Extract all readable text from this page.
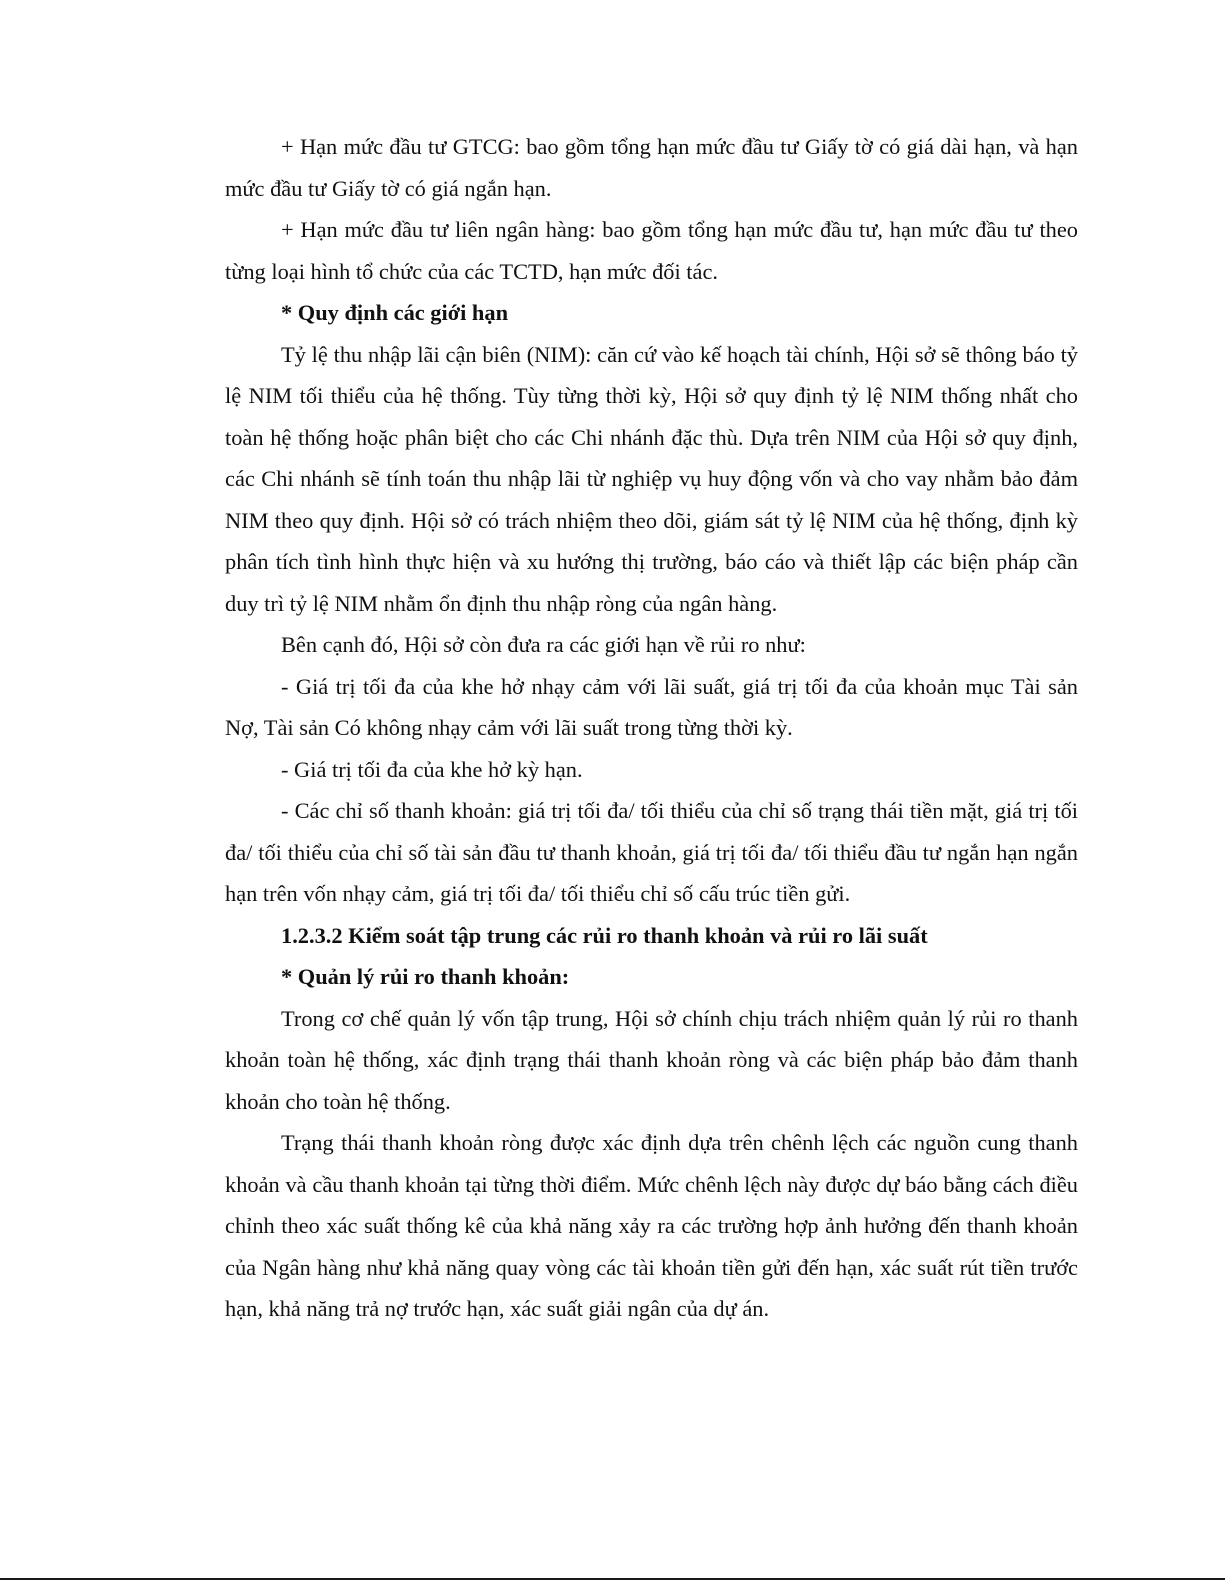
+ Hạn mức đầu tư GTCG: bao gồm tổng hạn mức đầu tư Giấy tờ có giá dài hạn, và hạn mức đầu tư Giấy tờ có giá ngắn hạn.

+ Hạn mức đầu tư liên ngân hàng: bao gồm tổng hạn mức đầu tư, hạn mức đầu tư theo từng loại hình tổ chức của các TCTD, hạn mức đối tác.

* Quy định các giới hạn

Tỷ lệ thu nhập lãi cận biên (NIM): căn cứ vào kế hoạch tài chính, Hội sở sẽ thông báo tỷ lệ NIM tối thiểu của hệ thống. Tùy từng thời kỳ, Hội sở quy định tỷ lệ NIM thống nhất cho toàn hệ thống hoặc phân biệt cho các Chi nhánh đặc thù. Dựa trên NIM của Hội sở quy định, các Chi nhánh sẽ tính toán thu nhập lãi từ nghiệp vụ huy động vốn và cho vay nhằm bảo đảm NIM theo quy định. Hội sở có trách nhiệm theo dõi, giám sát tỷ lệ NIM của hệ thống, định kỳ phân tích tình hình thực hiện và xu hướng thị trường, báo cáo và thiết lập các biện pháp cần duy trì tỷ lệ NIM nhằm ổn định thu nhập ròng của ngân hàng.

Bên cạnh đó, Hội sở còn đưa ra các giới hạn về rủi ro như:

- Giá trị tối đa của khe hở nhạy cảm với lãi suất, giá trị tối đa của khoản mục Tài sản Nợ, Tài sản Có không nhạy cảm với lãi suất trong từng thời kỳ.

- Giá trị tối đa của khe hở kỳ hạn.

- Các chỉ số thanh khoản: giá trị tối đa/ tối thiểu của chỉ số trạng thái tiền mặt, giá trị tối đa/ tối thiểu của chỉ số tài sản đầu tư thanh khoản, giá trị tối đa/ tối thiểu đầu tư ngắn hạn ngắn hạn trên vốn nhạy cảm, giá trị tối đa/ tối thiểu chỉ số cấu trúc tiền gửi.

1.2.3.2 Kiểm soát tập trung các rủi ro thanh khoản và rủi ro lãi suất

* Quản lý rủi ro thanh khoản:

Trong cơ chế quản lý vốn tập trung, Hội sở chính chịu trách nhiệm quản lý rủi ro thanh khoản toàn hệ thống, xác định trạng thái thanh khoản ròng và các biện pháp bảo đảm thanh khoản cho toàn hệ thống.

Trạng thái thanh khoản ròng được xác định dựa trên chênh lệch các nguồn cung thanh khoản và cầu thanh khoản tại từng thời điểm. Mức chênh lệch này được dự báo bằng cách điều chỉnh theo xác suất thống kê của khả năng xảy ra các trường hợp ảnh hưởng đến thanh khoản của Ngân hàng như khả năng quay vòng các tài khoản tiền gửi đến hạn, xác suất rút tiền trước hạn, khả năng trả nợ trước hạn, xác suất giải ngân của dự án.
